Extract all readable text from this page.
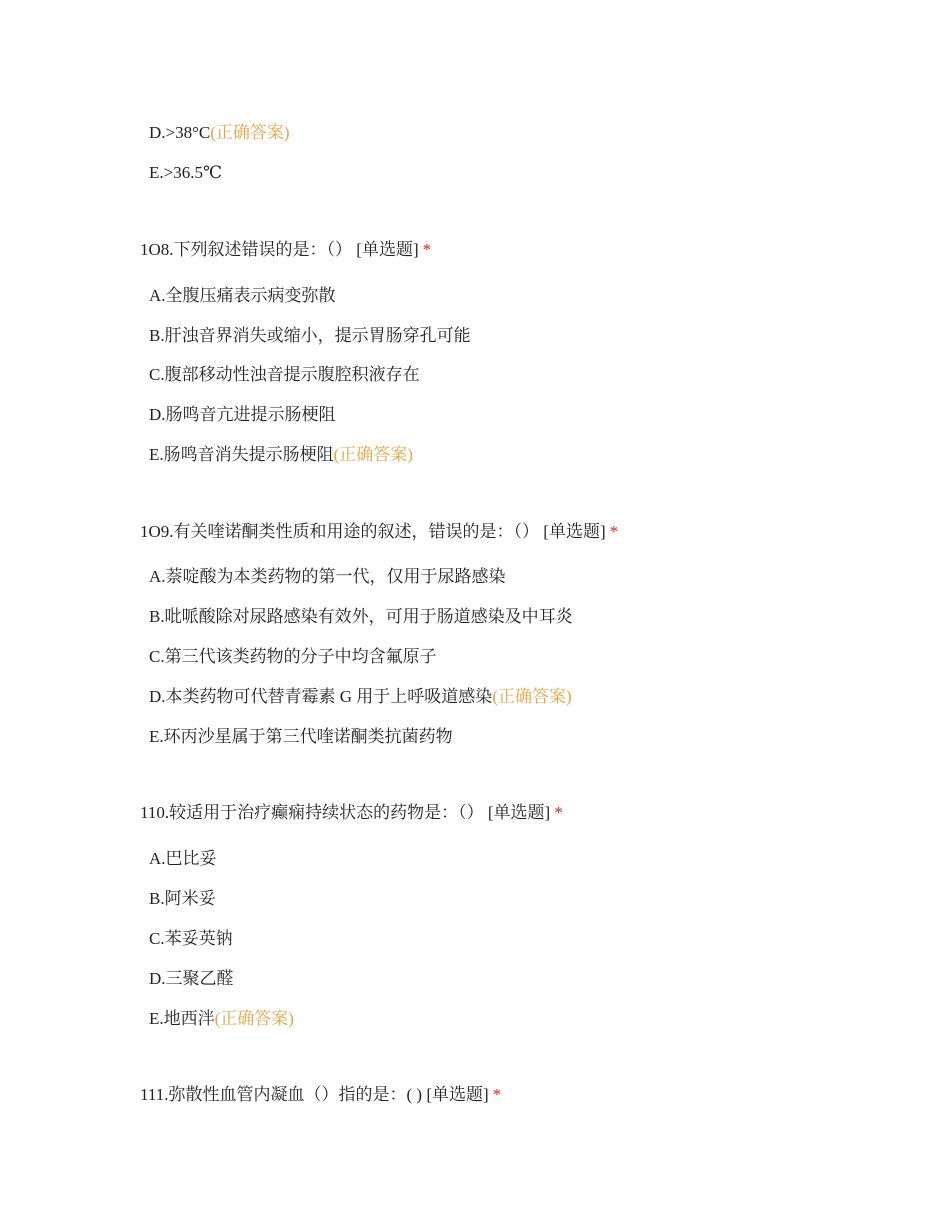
D.>38°C(正确答案)
E.>36.5℃
1O8.下列叙述错误的是：（） [单选题] *
A.全腹压痛表示病变弥散
B.肝浊音界消失或缩小，提示胃肠穿孔可能
C.腹部移动性浊音提示腹腔积液存在
D.肠鸣音亢进提示肠梗阻
E.肠鸣音消失提示肠梗阻(正确答案)
1O9.有关喹诺酮类性质和用途的叙述，错误的是：（） [单选题] *
A.萘啶酸为本类药物的第一代，仅用于尿路感染
B.吡哌酸除对尿路感染有效外，可用于肠道感染及中耳炎
C.第三代该类药物的分子中均含氟原子
D.本类药物可代替青霉素 G 用于上呼吸道感染(正确答案)
E.环丙沙星属于第三代喹诺酮类抗菌药物
110.较适用于治疗癫痫持续状态的药物是：（） [单选题] *
A.巴比妥
B.阿米妥
C.苯妥英钠
D.三聚乙醛
E.地西泮(正确答案)
111.弥散性血管内凝血（）指的是：( ) [单选题] *
